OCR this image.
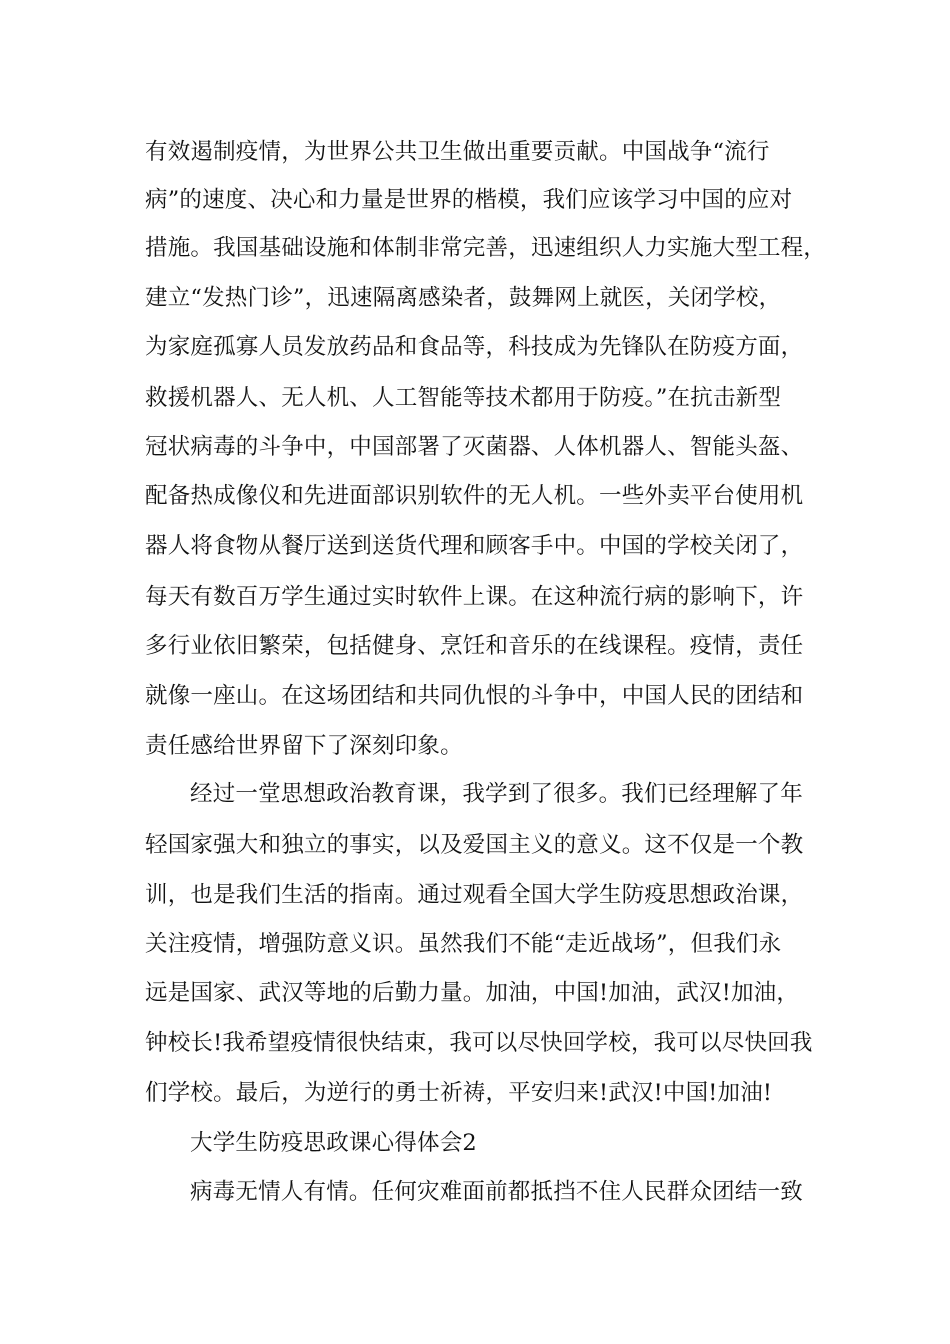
有效遏制疫情，为世界公共卫生做出重要贡献。中国战争“流行
病”的速度、决心和力量是世界的楷模，我们应该学习中国的应对
措施。我国基础设施和体制非常完善，迅速组织人力实施大型工程，
建立“发热门诊”，迅速隔离感染者，鼓舞网上就医，关闭学校，
为家庭孤寡人员发放药品和食品等，科技成为先锋队在防疫方面，
救援机器人、无人机、人工智能等技术都用于防疫。”在抗击新型
冠状病毒的斗争中，中国部署了灭菌器、人体机器人、智能头盔、
配备热成像仪和先进面部识别软件的无人机。一些外卖平台使用机
器人将食物从餐厅送到送货代理和顾客手中。中国的学校关闭了，
每天有数百万学生通过实时软件上课。在这种流行病的影响下，许
多行业依旧繁荣，包括健身、烹饪和音乐的在线课程。疫情，责任
就像一座山。在这场团结和共同仇恨的斗争中，中国人民的团结和
责任感给世界留下了深刻印象。
经过一堂思想政治教育课，我学到了很多。我们已经理解了年
轻国家强大和独立的事实，以及爱国主义的意义。这不仅是一个教
训，也是我们生活的指南。通过观看全国大学生防疫思想政治课，
关注疫情，增强防意义识。虽然我们不能“走近战场”，但我们永
远是国家、武汉等地的后勤力量。加油，中国!加油，武汉!加油，
钟校长!我希望疫情很快结束，我可以尽快回学校，我可以尽快回我
们学校。最后，为逆行的勇士祈祷，平安归来!武汉!中国!加油!
大学生防疫思政课心得体会2
病毒无情人有情。任何灾难面前都抵挡不住人民群众团结一致
